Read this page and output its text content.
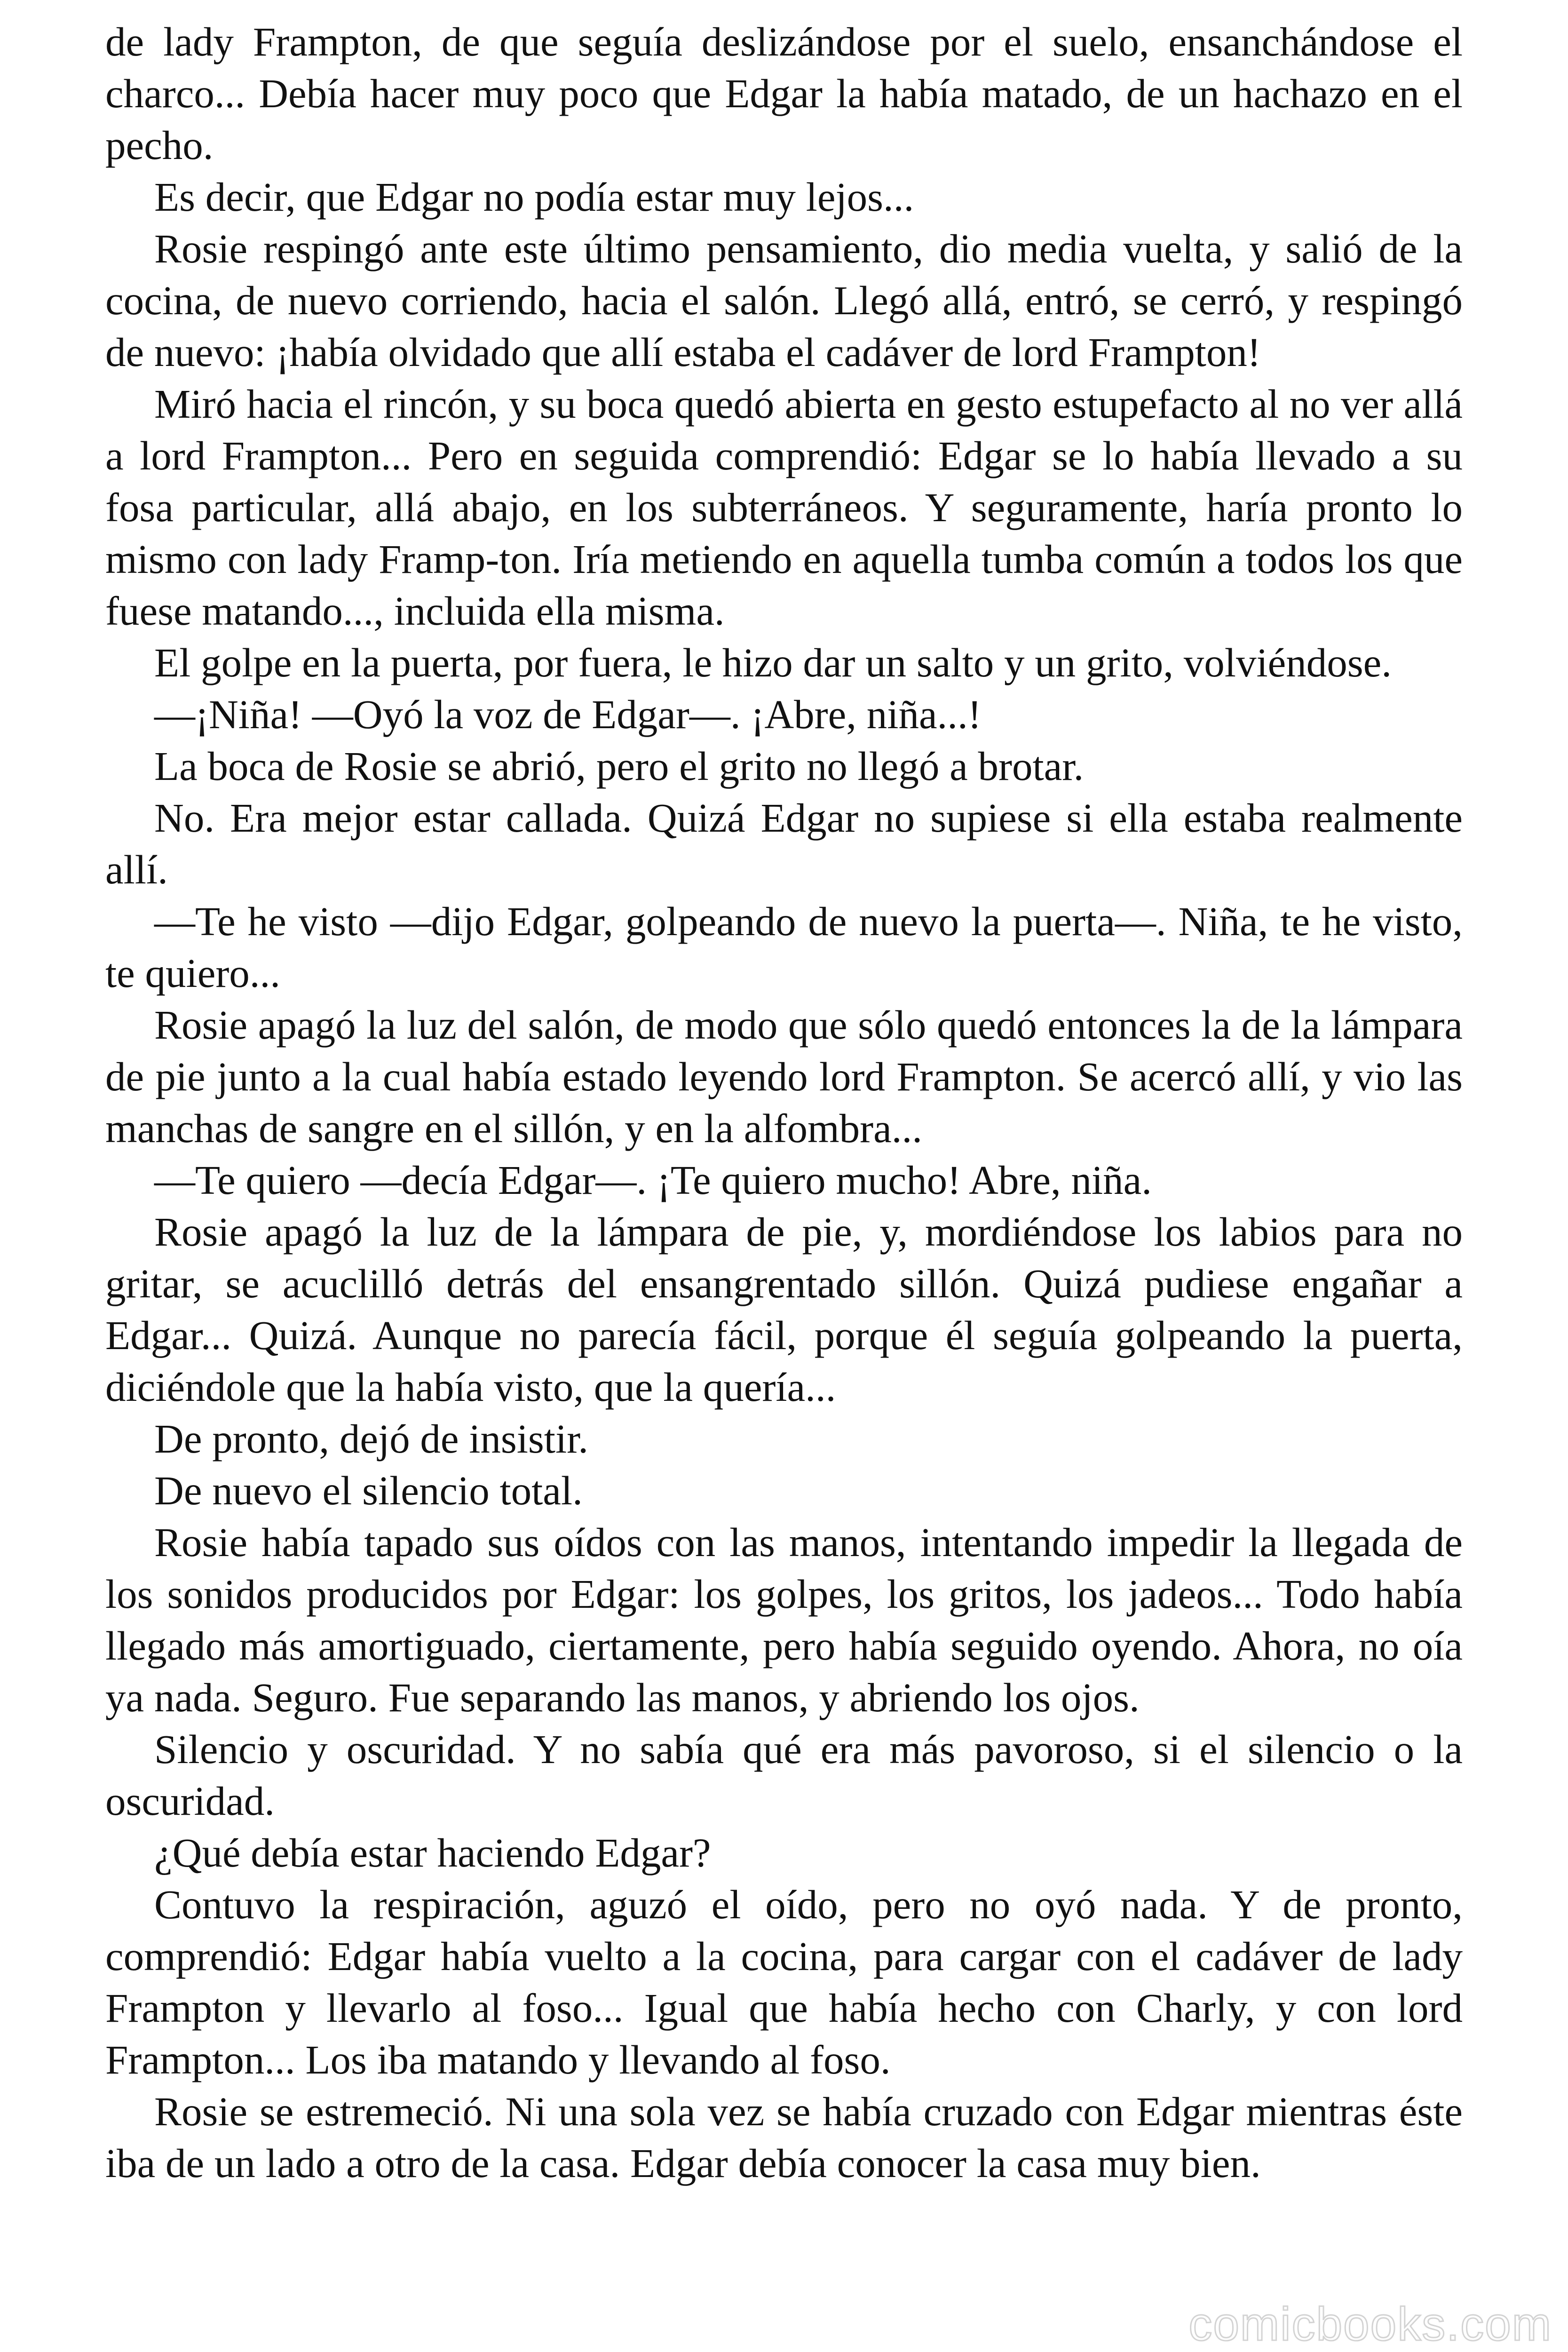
de lady Frampton, de que seguía deslizándose por el suelo, ensanchándose el charco... Debía hacer muy poco que Edgar la había matado, de un hachazo en el pecho.

Es decir, que Edgar no podía estar muy lejos...

Rosie respingó ante este último pensamiento, dio media vuelta, y salió de la cocina, de nuevo corriendo, hacia el salón. Llegó allá, entró, se cerró, y respingó de nuevo: ¡había olvidado que allí estaba el cadáver de lord Frampton!

Miró hacia el rincón, y su boca quedó abierta en gesto estupefacto al no ver allá a lord Frampton... Pero en seguida comprendió: Edgar se lo había llevado a su fosa particular, allá abajo, en los subterráneos. Y seguramente, haría pronto lo mismo con lady Framp-ton. Iría metiendo en aquella tumba común a todos los que fuese matando..., incluida ella misma.

El golpe en la puerta, por fuera, le hizo dar un salto y un grito, volviéndose.

—¡Niña! —Oyó la voz de Edgar—. ¡Abre, niña...!

La boca de Rosie se abrió, pero el grito no llegó a brotar.

No. Era mejor estar callada. Quizá Edgar no supiese si ella estaba realmente allí.

—Te he visto —dijo Edgar, golpeando de nuevo la puerta—. Niña, te he visto, te quiero...

Rosie apagó la luz del salón, de modo que sólo quedó entonces la de la lámpara de pie junto a la cual había estado leyendo lord Frampton. Se acercó allí, y vio las manchas de sangre en el sillón, y en la alfombra...

—Te quiero —decía Edgar—. ¡Te quiero mucho! Abre, niña.

Rosie apagó la luz de la lámpara de pie, y, mordiéndose los labios para no gritar, se acuclilló detrás del ensangrentado sillón. Quizá pudiese engañar a Edgar... Quizá. Aunque no parecía fácil, porque él seguía golpeando la puerta, diciéndole que la había visto, que la quería...

De pronto, dejó de insistir.

De nuevo el silencio total.

Rosie había tapado sus oídos con las manos, intentando impedir la llegada de los sonidos producidos por Edgar: los golpes, los gritos, los jadeos... Todo había llegado más amortiguado, ciertamente, pero había seguido oyendo. Ahora, no oía ya nada. Seguro. Fue separando las manos, y abriendo los ojos.

Silencio y oscuridad. Y no sabía qué era más pavoroso, si el silencio o la oscuridad.

¿Qué debía estar haciendo Edgar?

Contuvo la respiración, aguzó el oído, pero no oyó nada. Y de pronto, comprendió: Edgar había vuelto a la cocina, para cargar con el cadáver de lady Frampton y llevarlo al foso... Igual que había hecho con Charly, y con lord Frampton... Los iba matando y llevando al foso.

Rosie se estremeció. Ni una sola vez se había cruzado con Edgar mientras éste iba de un lado a otro de la casa. Edgar debía conocer la casa muy bien.

comicbooks.com
